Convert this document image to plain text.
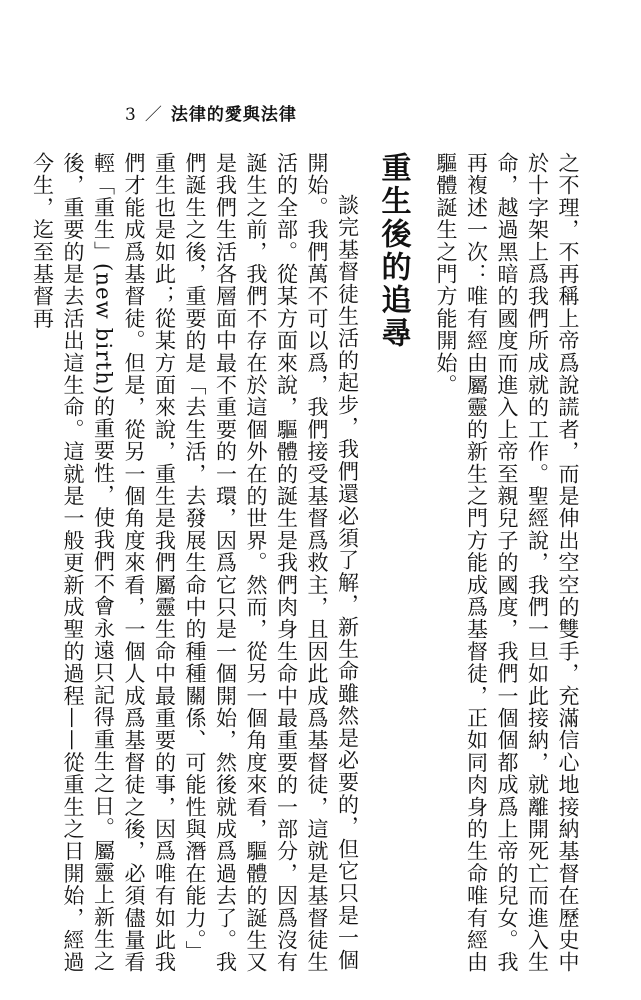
3 ／ 法律的愛與法律

之不理，不再稱上帝爲說謊者，而是伸出空空的雙手，充滿信心地接納基督在歷史中於十字架上爲我們所成就的工作。聖經說，我們一旦如此接納，就離開死亡而進入生命，越過黑暗的國度而進入上帝至親兒子的國度，我們一個個都成爲上帝的兒女。我再複述一次：唯有經由屬靈的新生之門方能成爲基督徒，正如同肉身的生命唯有經由驅體誕生之門方能開始。

重生後的追尋

談完基督徒生活的起步，我們還必須了解，新生命雖然是必要的，但它只是一個開始。我們萬不可以爲，我們接受基督爲救主，且因此成爲基督徒，這就是基督徒生活的全部。從某方面來說，驅體的誕生是我們肉身生命中最重要的一部分，因爲沒有誕生之前，我們不存在於這個外在的世界。然而，從另一個角度來看，驅體的誕生又是我們生活各層面中最不重要的一環，因爲它只是一個開始，然後就成爲過去了。我們誕生之後，重要的是「去生活，去發展生命中的種種關係、可能性與潛在能力。」重生也是如此；從某方面來說，重生是我們屬靈生命中最重要的事，因爲唯有如此我們才能成爲基督徒。但是，從另一個角度來看，一個人成爲基督徒之後，必須儘量看輕「重生」(new birth)的重要性，使我們不會永遠只記得重生之日。屬靈上新生之後，重要的是去活出這生命。這就是一般更新成聖的過程——從重生之日開始，經過今生，迄至基督再
